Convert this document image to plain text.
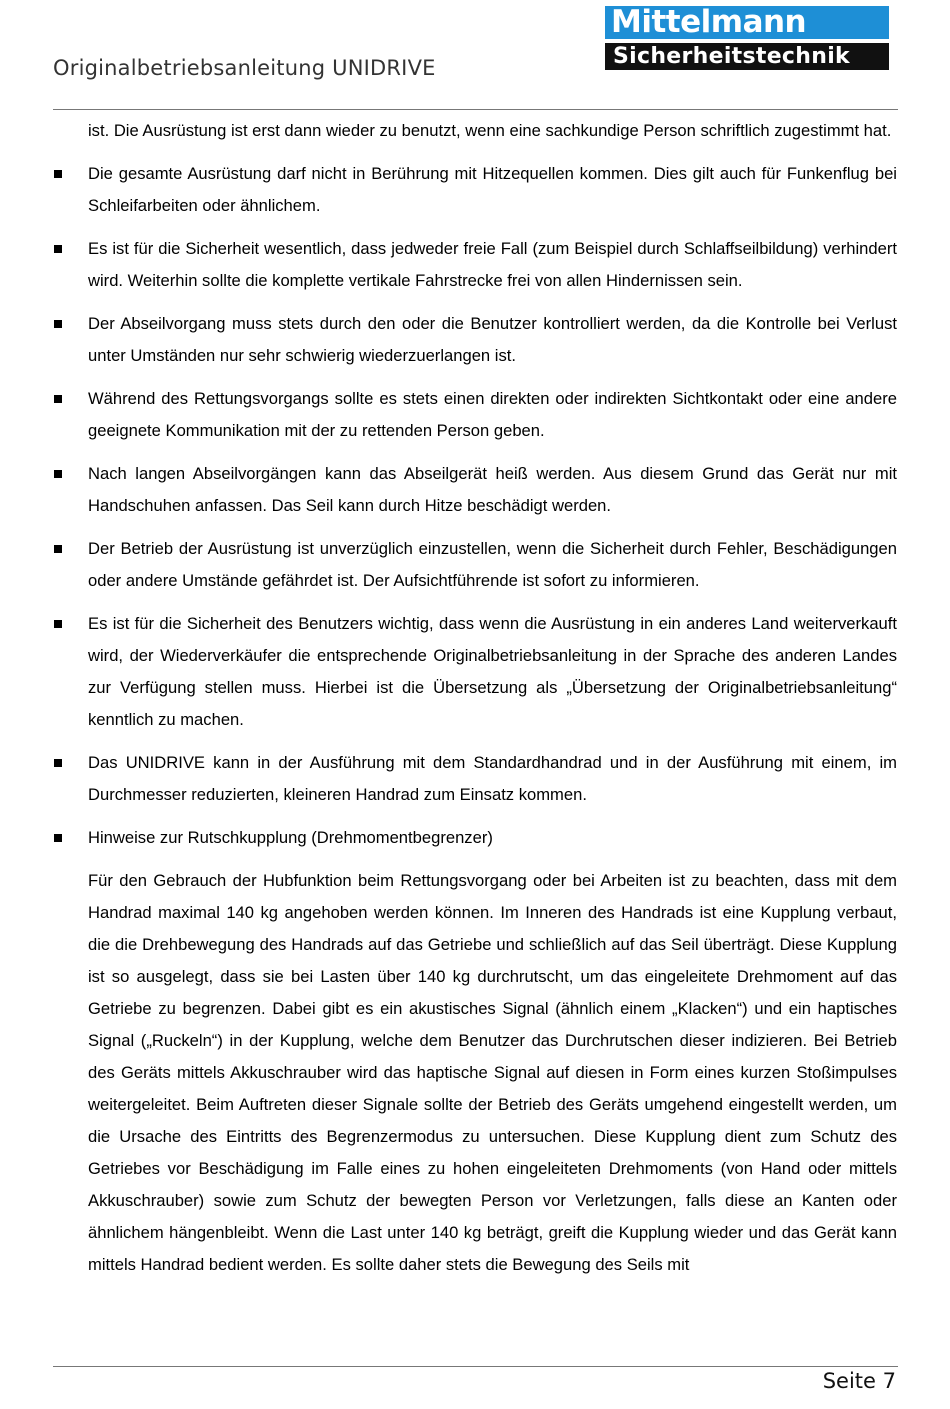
Originalbetriebsanleitung UNIDRIVE
Mittelmann
Sicherheitstechnik
ist. Die Ausrüstung ist erst dann wieder zu benutzt, wenn eine sachkundige Person schriftlich zugestimmt hat.
Die gesamte Ausrüstung darf nicht in Berührung mit Hitzequellen kommen. Dies gilt auch für Funkenflug bei Schleifarbeiten oder ähnlichem.
Es ist für die Sicherheit wesentlich, dass jedweder freie Fall (zum Beispiel durch Schlaffseilbildung) verhindert wird. Weiterhin sollte die komplette vertikale Fahrstrecke frei von allen Hindernissen sein.
Der Abseilvorgang muss stets durch den oder die Benutzer kontrolliert werden, da die Kontrolle bei Verlust unter Umständen nur sehr schwierig wiederzuerlangen ist.
Während des Rettungsvorgangs sollte es stets einen direkten oder indirekten Sichtkontakt oder eine andere geeignete Kommunikation mit der zu rettenden Person geben.
Nach langen Abseilvorgängen kann das Abseilgerät heiß werden. Aus diesem Grund das Gerät nur mit Handschuhen anfassen. Das Seil kann durch Hitze beschädigt werden.
Der Betrieb der Ausrüstung ist unverzüglich einzustellen, wenn die Sicherheit durch Fehler, Beschädigungen oder andere Umstände gefährdet ist. Der Aufsichtführende ist sofort zu informieren.
Es ist für die Sicherheit des Benutzers wichtig, dass wenn die Ausrüstung in ein anderes Land weiterverkauft wird, der Wiederverkäufer die entsprechende Originalbetriebsanleitung in der Sprache des anderen Landes zur Verfügung stellen muss. Hierbei ist die Übersetzung als „Übersetzung der Originalbetriebsanleitung“ kenntlich zu machen.
Das UNIDRIVE kann in der Ausführung mit dem Standardhandrad und in der Ausführung mit einem, im Durchmesser reduzierten, kleineren Handrad zum Einsatz kommen.
Hinweise zur Rutschkupplung (Drehmomentbegrenzer)
Für den Gebrauch der Hubfunktion beim Rettungsvorgang oder bei Arbeiten ist zu beachten, dass mit dem Handrad maximal 140 kg angehoben werden können. Im Inneren des Handrads ist eine Kupplung verbaut, die die Drehbewegung des Handrads auf das Getriebe und schließlich auf das Seil überträgt. Diese Kupplung ist so ausgelegt, dass sie bei Lasten über 140 kg durchrutscht, um das eingeleitete Drehmoment auf das Getriebe zu begrenzen. Dabei gibt es ein akustisches Signal (ähnlich einem „Klacken“) und ein haptisches Signal („Ruckeln“) in der Kupplung, welche dem Benutzer das Durchrutschen dieser indizieren. Bei Betrieb des Geräts mittels Akkuschrauber wird das haptische Signal auf diesen in Form eines kurzen Stoßimpulses weitergeleitet. Beim Auftreten dieser Signale sollte der Betrieb des Geräts umgehend eingestellt werden, um die Ursache des Eintritts des Begrenzermodus zu untersuchen. Diese Kupplung dient zum Schutz des Getriebes vor Beschädigung im Falle eines zu hohen eingeleiteten Drehmoments (von Hand oder mittels Akkuschrauber) sowie zum Schutz der bewegten Person vor Verletzungen, falls diese an Kanten oder ähnlichem hängenbleibt. Wenn die Last unter 140 kg beträgt, greift die Kupplung wieder und das Gerät kann mittels Handrad bedient werden. Es sollte daher stets die Bewegung des Seils mit
Seite 7
